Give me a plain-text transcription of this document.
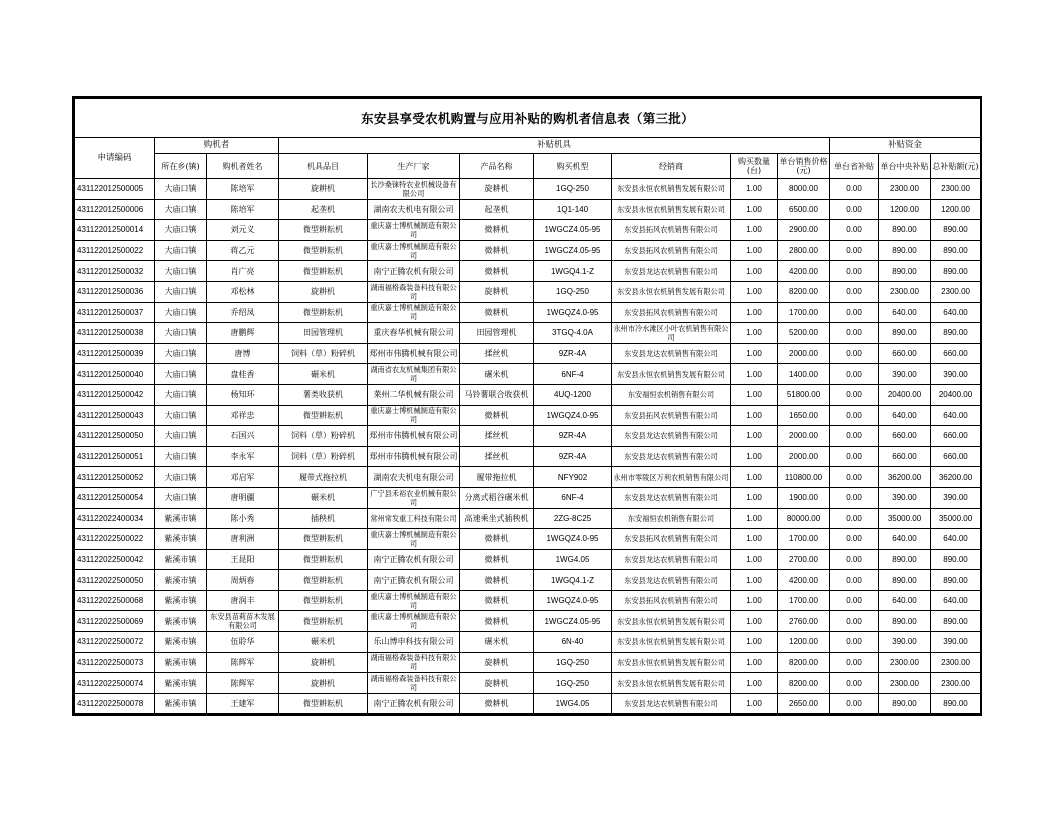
东安县享受农机购置与应用补贴的购机者信息表（第三批）												
申请编码	购机者		补贴机具							补贴资金		
	所在乡(镇)	购机者姓名	机具品目	生产厂家	产品名称	购买机型	经销商	购买数量(台)	单台销售价格(元)	单台省补贴	单台中央补贴	总补贴额(元)
431122012500005	大庙口镇	陈培军	旋耕机	长沙桑铼特农业机械设备有限公司	旋耕机	1GQ-250	东安县永恒农机销售发展有限公司	1.00	8000.00	0.00	2300.00	2300.00
431122012500006	大庙口镇	陈培军	起垄机	湖南农夫机电有限公司	起垄机	1Q1-140	东安县永恒农机销售发展有限公司	1.00	6500.00	0.00	1200.00	1200.00
431122012500014	大庙口镇	刘元义	微型耕耘机	重庆嘉士博机械制造有限公司	微耕机	1WGCZ4.05-95	东安县拓风农机销售有限公司	1.00	2900.00	0.00	890.00	890.00
431122012500022	大庙口镇	蒋乙元	微型耕耘机	重庆嘉士博机械制造有限公司	微耕机	1WGCZ4.05-95	东安县拓风农机销售有限公司	1.00	2800.00	0.00	890.00	890.00
431122012500032	大庙口镇	肖广亮	微型耕耘机	南宁正腾农机有限公司	微耕机	1WGQ4.1-Z	东安县龙达农机销售有限公司	1.00	4200.00	0.00	890.00	890.00
431122012500036	大庙口镇	邓松林	旋耕机	湖南福格森装备科技有限公司	旋耕机	1GQ-250	东安县永恒农机销售发展有限公司	1.00	8200.00	0.00	2300.00	2300.00
431122012500037	大庙口镇	乔绍凤	微型耕耘机	重庆嘉士博机械制造有限公司	微耕机	1WGQZ4.0-95	东安县拓风农机销售有限公司	1.00	1700.00	0.00	640.00	640.00
431122012500038	大庙口镇	唐鹏辉	田园管理机	重庆春华机械有限公司	田园管理机	3TGQ-4.0A	永州市冷水滩区小叶农机销售有限公司	1.00	5200.00	0.00	890.00	890.00
431122012500039	大庙口镇	唐博	饲料（草）粉碎机	郑州市伟腾机械有限公司	揉丝机	9ZR-4A	东安县龙达农机销售有限公司	1.00	2000.00	0.00	660.00	660.00
431122012500040	大庙口镇	盘桂香	碾米机	湖南省农友机械集团有限公司	碾米机	6NF-4	东安县永恒农机销售发展有限公司	1.00	1400.00	0.00	390.00	390.00
431122012500042	大庙口镇	杨知环	薯类收获机	莱州二华机械有限公司	马铃薯联合收获机	4UQ-1200	东安福恒农机销售有限公司	1.00	51800.00	0.00	20400.00	20400.00
431122012500043	大庙口镇	邓祥忠	微型耕耘机	重庆嘉士博机械制造有限公司	微耕机	1WGQZ4.0-95	东安县拓风农机销售有限公司	1.00	1650.00	0.00	640.00	640.00
431122012500050	大庙口镇	石国兴	饲料（草）粉碎机	郑州市伟腾机械有限公司	揉丝机	9ZR-4A	东安县龙达农机销售有限公司	1.00	2000.00	0.00	660.00	660.00
431122012500051	大庙口镇	李永军	饲料（草）粉碎机	郑州市伟腾机械有限公司	揉丝机	9ZR-4A	东安县龙达农机销售有限公司	1.00	2000.00	0.00	660.00	660.00
431122012500052	大庙口镇	邓启军	履带式拖拉机	湖南农夫机电有限公司	履带拖拉机	NFY902	永州市零陵区万利农机销售有限公司	1.00	110800.00	0.00	36200.00	36200.00
431122012500054	大庙口镇	唐明疆	碾米机	广宁县禾裕农业机械有限公司	分离式稻谷碾米机	6NF-4	东安县龙达农机销售有限公司	1.00	1900.00	0.00	390.00	390.00
431122022400034	紫溪市镇	陈小秀	插秧机	常州常发重工科技有限公司	高速乘坐式插秧机	2ZG-8C25	东安福恒农机销售有限公司	1.00	80000.00	0.00	35000.00	35000.00
431122022500022	紫溪市镇	唐利洲	微型耕耘机	重庆嘉士博机械制造有限公司	微耕机	1WGQZ4.0-95	东安县拓风农机销售有限公司	1.00	1700.00	0.00	640.00	640.00
431122022500042	紫溪市镇	王昆阳	微型耕耘机	南宁正腾农机有限公司	微耕机	1WG4.05	东安县龙达农机销售有限公司	1.00	2700.00	0.00	890.00	890.00
431122022500050	紫溪市镇	周炳春	微型耕耘机	南宁正腾农机有限公司	微耕机	1WGQ4.1-Z	东安县龙达农机销售有限公司	1.00	4200.00	0.00	890.00	890.00
431122022500068	紫溪市镇	唐润丰	微型耕耘机	重庆嘉士博机械制造有限公司	微耕机	1WGQZ4.0-95	东安县拓风农机销售有限公司	1.00	1700.00	0.00	640.00	640.00
431122022500069	紫溪市镇	东安县苗莉苗木发展有限公司	微型耕耘机	重庆嘉士博机械制造有限公司	微耕机	1WGCZ4.05-95	东安县永恒农机销售发展有限公司	1.00	2760.00	0.00	890.00	890.00
431122022500072	紫溪市镇	伍聆华	碾米机	乐山博申科技有限公司	碾米机	6N-40	东安县永恒农机销售发展有限公司	1.00	1200.00	0.00	390.00	390.00
431122022500073	紫溪市镇	陈辉军	旋耕机	湖南福格森装备科技有限公司	旋耕机	1GQ-250	东安县永恒农机销售发展有限公司	1.00	8200.00	0.00	2300.00	2300.00
431122022500074	紫溪市镇	陈辉军	旋耕机	湖南福格森装备科技有限公司	旋耕机	1GQ-250	东安县永恒农机销售发展有限公司	1.00	8200.00	0.00	2300.00	2300.00
431122022500078	紫溪市镇	王建军	微型耕耘机	南宁正腾农机有限公司	微耕机	1WG4.05	东安县龙达农机销售有限公司	1.00	2650.00	0.00	890.00	890.00
